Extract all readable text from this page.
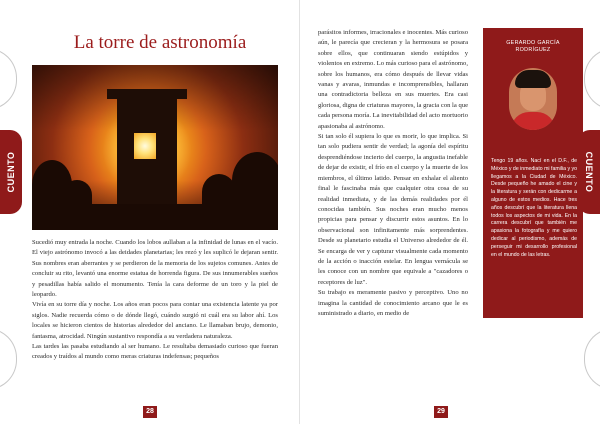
CUENTO
La torre de astronomía

Sucedió muy entrada la noche. Cuando los lobos aullaban a la infinidad de lunas en el vacío. El viejo astrónomo invocó a las deidades planetarias; les rezó y les suplicó le dejaran sentir. Sus nombres eran aberrantes y se perdieron de la memoria de los sujetos comunes. Antes de concluir su rito, levantó una enorme estatua de horrenda figura. De sus innumerables sueños y pesadillas había salido el monumento. Tenía la cara deforme de un toro y la piel de leopardo.

Vivía en su torre día y noche. Los años eran pocos para contar una existencia latente ya por siglos. Nadie recuerda cómo o de dónde llegó, cuándo surgió ni cuál era su labor ahí. Los locales se hicieron cientos de historias alrededor del anciano. Le llamaban brujo, demonio, fantasma, atrocidad. Ningún sustantivo respondía a su verdadera naturaleza.

Las tardes las pasaba estudiando al ser humano. Le resultaba demasiado curioso que fueran creados y traídos al mundo como meras criaturas indefensas; pequeños

28

parásitos informes, irracionales e inocentes. Más curioso aún, le parecía que crecieran y la hermosura se posara sobre ellos, que continuaran siendo estúpidos y violentos en extremo. Lo más curioso para el astrónomo, sobre los humanos, era cómo después de llevar vidas vanas y avaras, inmundas e incomprensibles, hallaran una contradictoria belleza en sus muertes. Era casi gloriosa, digna de criaturas mayores, la gracia con la que cada persona moría. La inevitabilidad del acto mortuorio apasionaba al astrónomo.

Si tan solo él supiera lo que es morir, lo que implica. Si tan solo pudiera sentir de verdad; la agonía del espíritu desprendiéndose incierto del cuerpo, la angustia inefable de dejar de existir, el frío en el cuerpo y la muerte de los miembros, el último latido. Pensar en exhalar el aliento final le fascinaba más que cualquier otra cosa de su realidad inmediata, y de las demás realidades por él conocidas también. Sus noches eran mucho menos propicias para pensar y discurrir estos asuntos. En lo observacional son infinitamente más sorprendentes. Desde su planetario estudia el Universo alrededor de él. Se encarga de ver y capturar visualmente cada momento de la acción o inacción estelar. En lengua vernácula se les conoce con un nombre que equivale a "cazadores o receptores de luz".

Su trabajo es meramente pasivo y perceptivo. Uno no imagina la cantidad de conocimiento arcano que le es suministrado a diario, en medio de

GERARDO GARCÍA RODRÍGUEZ

Tengo 19 años. Nací en el D.F., de México y de inmediato mi familia y yo llegamos a la Ciudad de México. Desde pequeño he amado el cine y la literatura y serán con dedicarme a alguno de estos medios. Hace tres años descubrí que la literatura llena todos los aspectos de mi vida. En la carrera descubrí que también me apasiona la fotografía y me quiero dedicar al periodismo, además de perseguir mi desarrollo profesional en el mundo de las letras.

CUENTO
29
